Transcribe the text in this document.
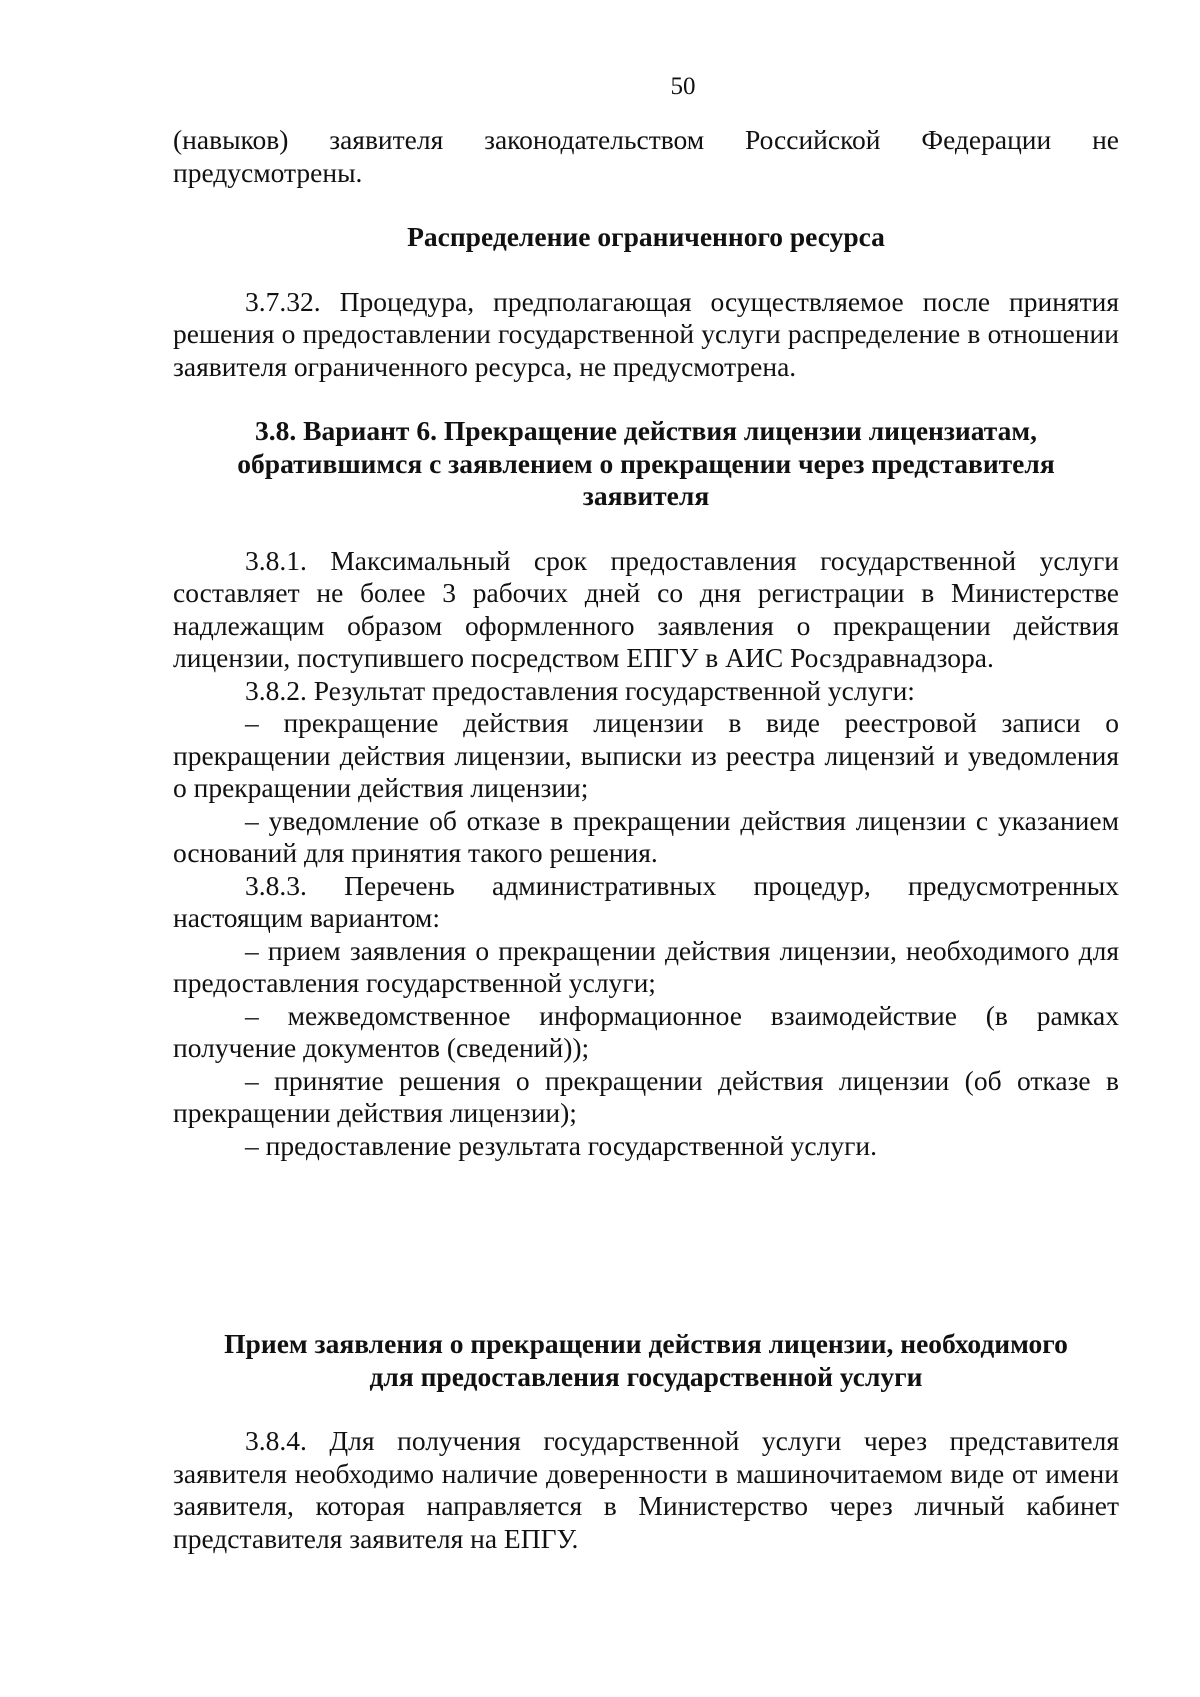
50

(навыков) заявителя законодательством Российской Федерации не предусмотрены.

Распределение ограниченного ресурса

3.7.32. Процедура, предполагающая осуществляемое после принятия решения о предоставлении государственной услуги распределение в отношении заявителя ограниченного ресурса, не предусмотрена.

3.8. Вариант 6. Прекращение действия лицензии лицензиатам,
обратившимся с заявлением о прекращении через представителя
заявителя

3.8.1. Максимальный срок предоставления государственной услуги составляет не более 3 рабочих дней со дня регистрации в Министерстве надлежащим образом оформленного заявления о прекращении действия лицензии, поступившего посредством ЕПГУ в АИС Росздравнадзора.

3.8.2. Результат предоставления государственной услуги:

– прекращение действия лицензии в виде реестровой записи о прекращении действия лицензии, выписки из реестра лицензий и уведомления о прекращении действия лицензии;

– уведомление об отказе в прекращении действия лицензии с указанием оснований для принятия такого решения.

3.8.3. Перечень административных процедур, предусмотренных настоящим вариантом:

– прием заявления о прекращении действия лицензии, необходимого для предоставления государственной услуги;

– межведомственное информационное взаимодействие (в рамках получение документов (сведений));

– принятие решения о прекращении действия лицензии (об отказе в прекращении действия лицензии);

– предоставление результата государственной услуги.

Прием заявления о прекращении действия лицензии, необходимого
для предоставления государственной услуги

3.8.4. Для получения государственной услуги через представителя заявителя необходимо наличие доверенности в машиночитаемом виде от имени заявителя, которая направляется в Министерство через личный кабинет представителя заявителя на ЕПГУ.
